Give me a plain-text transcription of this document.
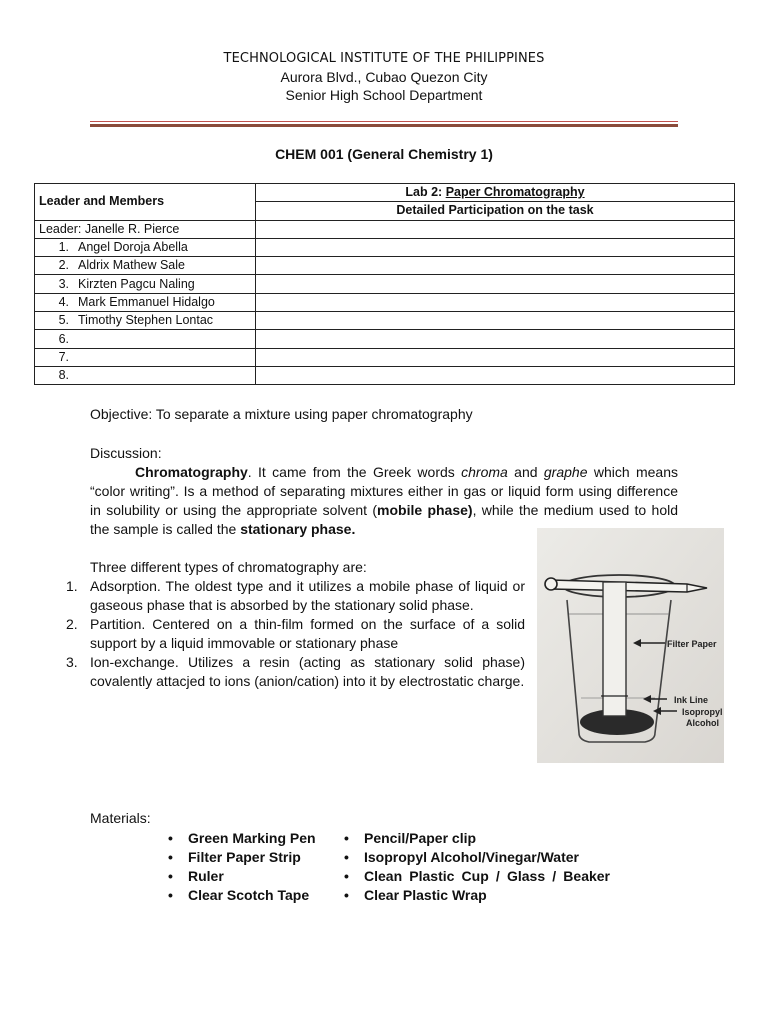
TECHNOLOGICAL INSTITUTE OF THE PHILIPPINES
Aurora Blvd., Cubao Quezon City
Senior High School Department
CHEM 001 (General Chemistry 1)
Leader and Members	Lab 2: Paper Chromatography
	Detailed Participation on the task
Leader: Janelle R. Pierce	
1. Angel Doroja Abella	
2. Aldrix Mathew Sale	
3. Kirzten Pagcu Naling	
4. Mark Emmanuel Hidalgo	
5. Timothy Stephen Lontac	
6.	
7.	
8.	
Objective: To separate a mixture using paper chromatography
Discussion:
Chromatography. It came from the Greek words chroma and graphe which means “color writing”. Is a method of separating mixtures either in gas or liquid form using difference in solubility or using the appropriate solvent (mobile phase), while the medium used to hold the sample is called the stationary phase.
Three different types of chromatography are:
1. Adsorption. The oldest type and it utilizes a mobile phase of liquid or gaseous phase that is absorbed by the stationary solid phase.
2. Partition. Centered on a thin-film formed on the surface of a solid support by a liquid immovable or stationary phase
3. Ion-exchange. Utilizes a resin (acting as stationary solid phase) covalently attacjed to ions (anion/cation) into it by electrostatic charge.
Filter Paper
Ink Line
Isopropyl
Alcohol
Materials:
• Green Marking Pen
• Filter Paper Strip
• Ruler
• Clear Scotch Tape
• Pencil/Paper clip
• Isopropyl Alcohol/Vinegar/Water
• Clean Plastic Cup / Glass / Beaker
• Clear Plastic Wrap
